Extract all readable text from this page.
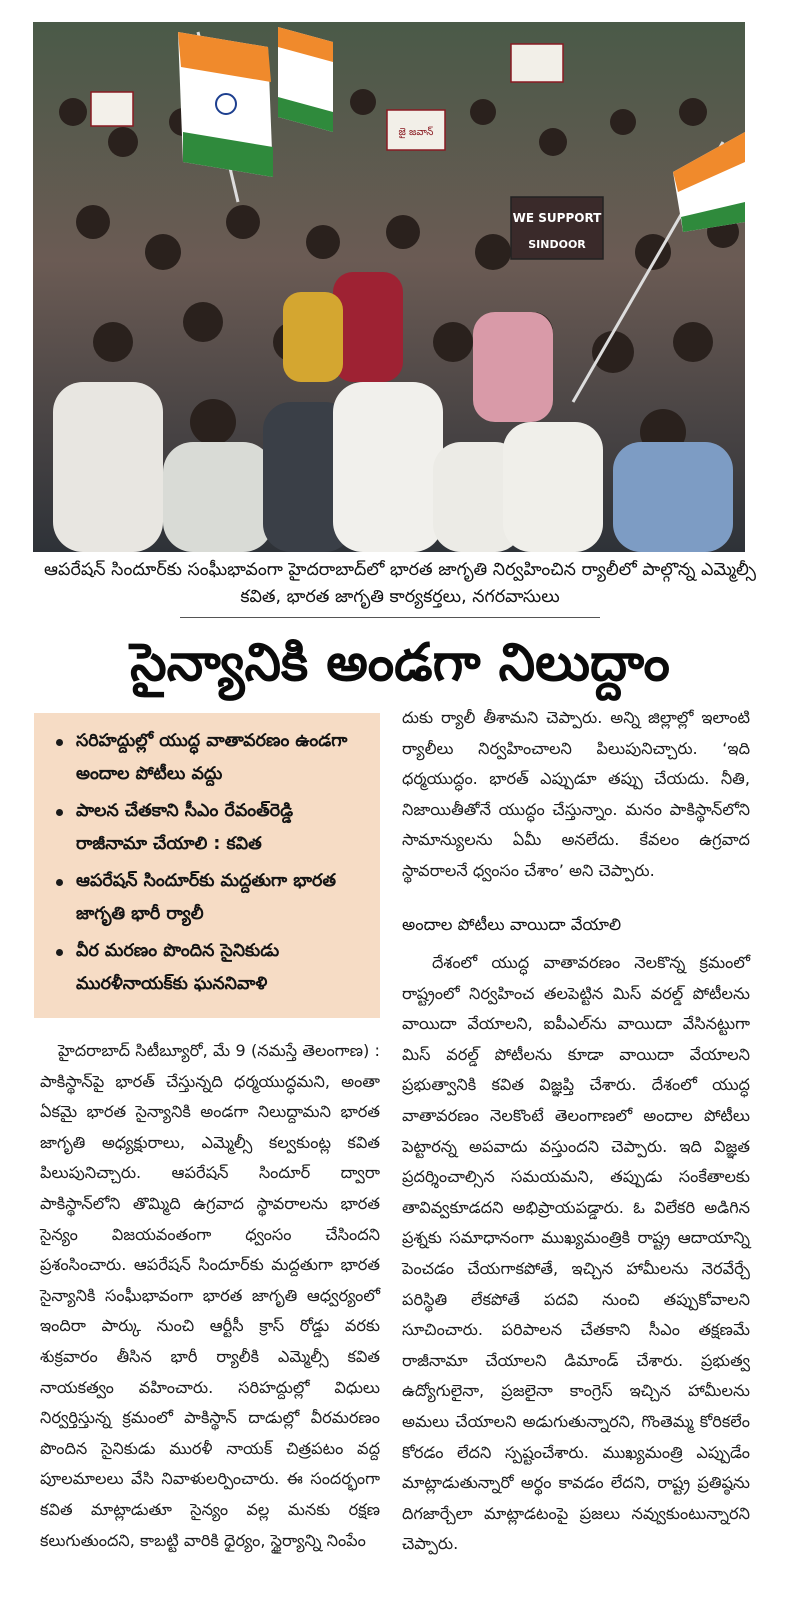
జై జవాన్
WE SUPPORT
SINDOOR
ఆపరేషన్ సిందూర్‌కు సంఘీభావంగా హైదరాబాద్‌లో భారత జాగృతి నిర్వహించిన ర్యాలీలో పాల్గొన్న ఎమ్మెల్సీ కవిత, భారత జాగృతి కార్యకర్తలు, నగరవాసులు
సైన్యానికి అండగా నిలుద్దాం
సరిహద్దుల్లో యుద్ధ వాతావరణం ఉండగా అందాల పోటీలు వద్దు
పాలన చేతకాని సీఎం రేవంత్‌రెడ్డి రాజీనామా చేయాలి : కవిత
ఆపరేషన్ సిందూర్‌కు మద్దతుగా భారత జాగృతి భారీ ర్యాలీ
వీర మరణం పొందిన సైనికుడు మురళీనాయక్‌కు ఘననివాళి

హైదరాబాద్ సిటీబ్యూరో, మే 9 (నమస్తే తెలంగాణ) : పాకిస్థాన్‌పై భారత్ చేస్తున్నది ధర్మయుద్ధమని, అంతా ఏకమై భారత సైన్యానికి అండగా నిలుద్దామని భారత జాగృతి అధ్యక్షురాలు, ఎమ్మెల్సీ కల్వకుంట్ల కవిత పిలుపునిచ్చారు. ఆపరేషన్ సిందూర్ ద్వారా పాకిస్థాన్‌లోని తొమ్మిది ఉగ్రవాద స్థావరాలను భారత సైన్యం విజయవంతంగా ధ్వంసం చేసిందని ప్రశంసించారు. ఆపరేషన్ సిందూర్‌కు మద్దతుగా భారత సైన్యానికి సంఘీభావంగా భారత జాగృతి ఆధ్వర్యంలో ఇందిరా పార్కు నుంచి ఆర్టీసీ క్రాస్ రోడ్డు వరకు శుక్రవారం తీసిన భారీ ర్యాలీకి ఎమ్మెల్సీ కవిత నాయకత్వం వహించారు. సరిహద్దుల్లో విధులు నిర్వర్తిస్తున్న క్రమంలో పాకిస్థాన్ దాడుల్లో వీరమరణం పొందిన సైనికుడు మురళీ నాయక్ చిత్రపటం వద్ద పూలమాలలు వేసి నివాళులర్పించారు. ఈ సందర్భంగా కవిత మాట్లాడుతూ సైన్యం వల్ల మనకు రక్షణ కలుగుతుందని, కాబట్టి వారికి ధైర్యం, స్థైర్యాన్ని నింపేం

దుకు ర్యాలీ తీశామని చెప్పారు. అన్ని జిల్లాల్లో ఇలాంటి ర్యాలీలు నిర్వహించాలని పిలుపునిచ్చారు. ‘ఇది ధర్మయుద్ధం. భారత్ ఎప్పుడూ తప్పు చేయదు. నీతి, నిజాయితీతోనే యుద్ధం చేస్తున్నాం. మనం పాకిస్థాన్‌లోని సామాన్యులను ఏమీ అనలేదు. కేవలం ఉగ్రవాద స్థావరాలనే ధ్వంసం చేశాం’ అని చెప్పారు.

అందాల పోటీలు వాయిదా వేయాలి

దేశంలో యుద్ధ వాతావరణం నెలకొన్న క్రమంలో రాష్ట్రంలో నిర్వహించ తలపెట్టిన మిస్ వరల్డ్ పోటీలను వాయిదా వేయాలని, ఐపీఎల్‌ను వాయిదా వేసినట్టుగా మిస్ వరల్డ్ పోటీలను కూడా వాయిదా వేయాలని ప్రభుత్వానికి కవిత విజ్ఞప్తి చేశారు. దేశంలో యుద్ధ వాతావరణం నెలకొంటే తెలంగాణలో అందాల పోటీలు పెట్టారన్న అపవాదు వస్తుందని చెప్పారు. ఇది విజ్ఞత ప్రదర్శించాల్సిన సమయమని, తప్పుడు సంకేతాలకు తావివ్వకూడదని అభిప్రాయపడ్డారు. ఓ విలేకరి అడిగిన ప్రశ్నకు సమాధానంగా ముఖ్యమంత్రికి రాష్ట్ర ఆదాయాన్ని పెంచడం చేయగాకపోతే, ఇచ్చిన హామీలను నెరవేర్చే పరిస్థితి లేకపోతే పదవి నుంచి తప్పుకోవాలని సూచించారు. పరిపాలన చేతకాని సీఎం తక్షణమే రాజీనామా చేయాలని డిమాండ్ చేశారు. ప్రభుత్వ ఉద్యోగులైనా, ప్రజలైనా కాంగ్రెస్ ఇచ్చిన హామీలను అమలు చేయాలని అడుగుతున్నారని, గొంతెమ్మ కోరికలేం కోరడం లేదని స్పష్టంచేశారు. ముఖ్యమంత్రి ఎప్పుడేం మాట్లాడుతున్నారో అర్థం కావడం లేదని, రాష్ట్ర ప్రతిష్ఠను దిగజార్చేలా మాట్లాడటంపై ప్రజలు నవ్వుకుంటున్నారని చెప్పారు.
